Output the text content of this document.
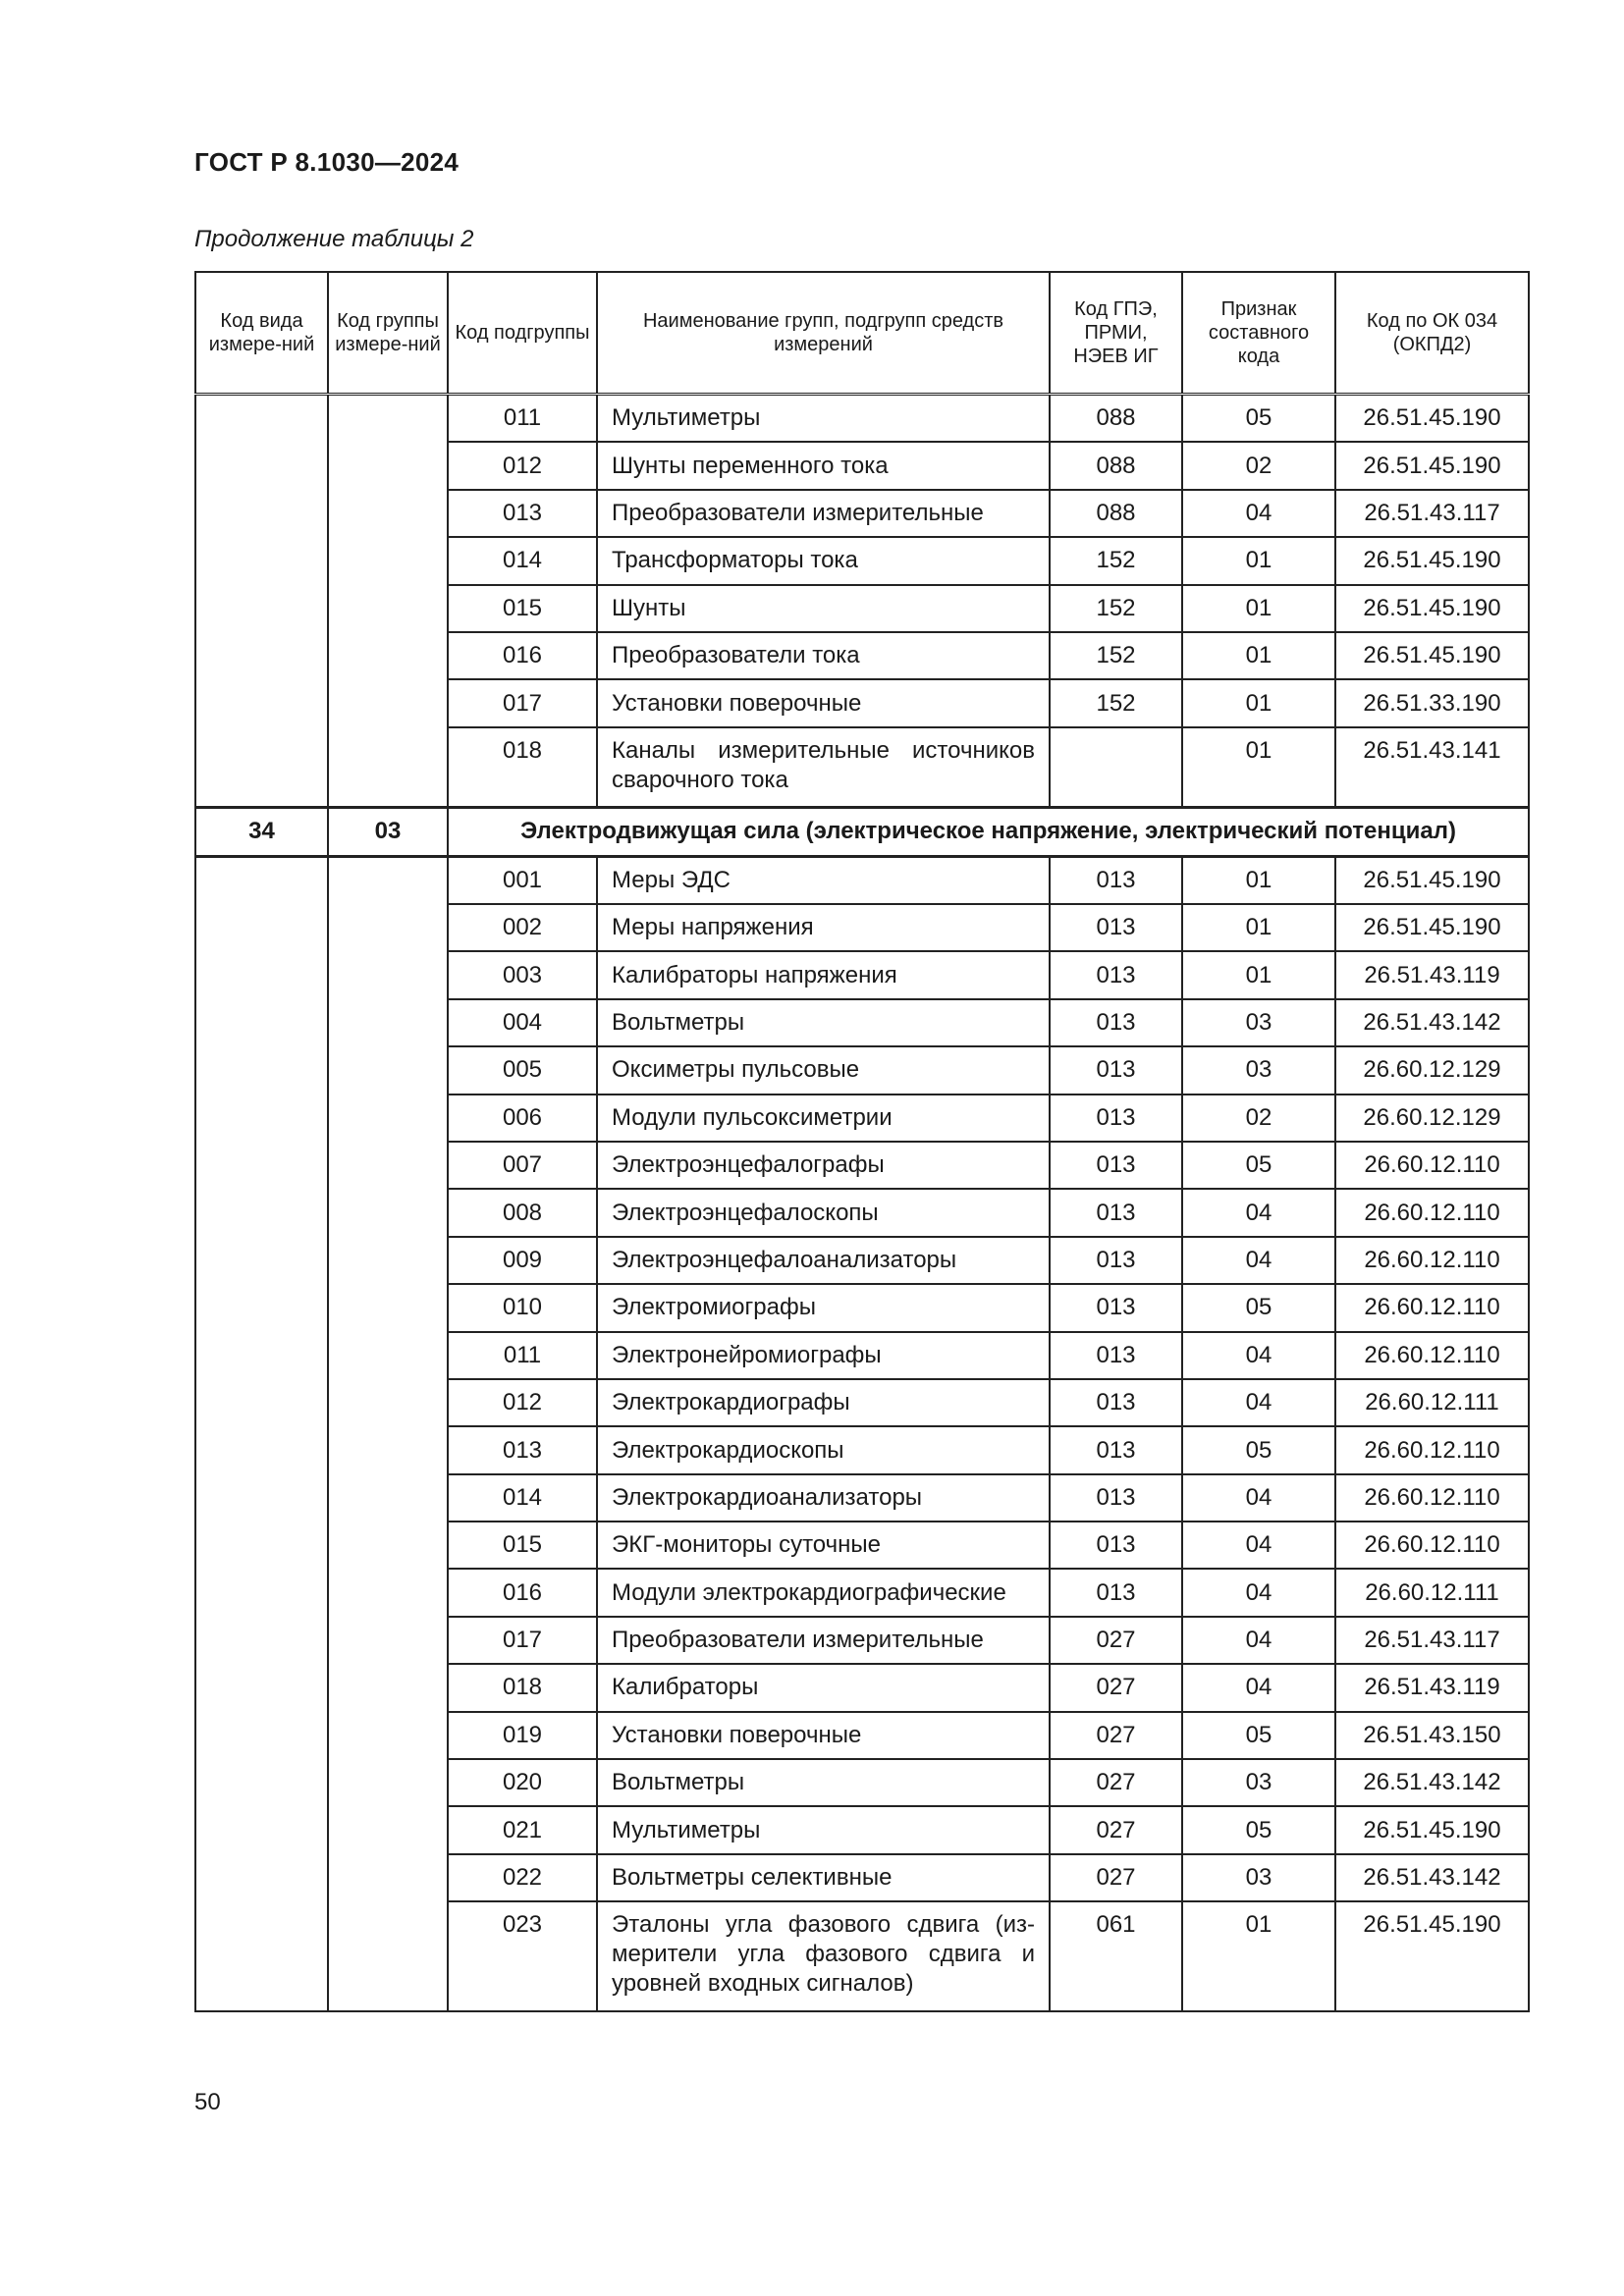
ГОСТ Р 8.1030—2024
Продолжение таблицы 2
Код вида измере-ний	Код группы измере-ний	Код подгруппы	Наименование групп, подгрупп средств измерений	Код ГПЭ, ПРМИ, НЭЕВ ИГ	Признак составного кода	Код по ОК 034 (ОКПД2)
		011	Мультиметры	088	05	26.51.45.190
		012	Шунты переменного тока	088	02	26.51.45.190
		013	Преобразователи измерительные	088	04	26.51.43.117
		014	Трансформаторы тока	152	01	26.51.45.190
		015	Шунты	152	01	26.51.45.190
		016	Преобразователи тока	152	01	26.51.45.190
		017	Установки поверочные	152	01	26.51.33.190
		018	Каналы измерительные источников сварочного тока		01	26.51.43.141
34	03	Электродвижущая сила (электрическое напряжение, электрический потенциал)				
		001	Меры ЭДС	013	01	26.51.45.190
		002	Меры напряжения	013	01	26.51.45.190
		003	Калибраторы напряжения	013	01	26.51.43.119
		004	Вольтметры	013	03	26.51.43.142
		005	Оксиметры пульсовые	013	03	26.60.12.129
		006	Модули пульсоксиметрии	013	02	26.60.12.129
		007	Электроэнцефалографы	013	05	26.60.12.110
		008	Электроэнцефалоскопы	013	04	26.60.12.110
		009	Электроэнцефалоанализаторы	013	04	26.60.12.110
		010	Электромиографы	013	05	26.60.12.110
		011	Электронейромиографы	013	04	26.60.12.110
		012	Электрокардиографы	013	04	26.60.12.111
		013	Электрокардиоскопы	013	05	26.60.12.110
		014	Электрокардиоанализаторы	013	04	26.60.12.110
		015	ЭКГ-мониторы суточные	013	04	26.60.12.110
		016	Модули электрокардиографические	013	04	26.60.12.111
		017	Преобразователи измерительные	027	04	26.51.43.117
		018	Калибраторы	027	04	26.51.43.119
		019	Установки поверочные	027	05	26.51.43.150
		020	Вольтметры	027	03	26.51.43.142
		021	Мультиметры	027	05	26.51.45.190
		022	Вольтметры селективные	027	03	26.51.43.142
		023	Эталоны угла фазового сдвига (из-мерители угла фазового сдвига и уровней входных сигналов)	061	01	26.51.45.190
50
